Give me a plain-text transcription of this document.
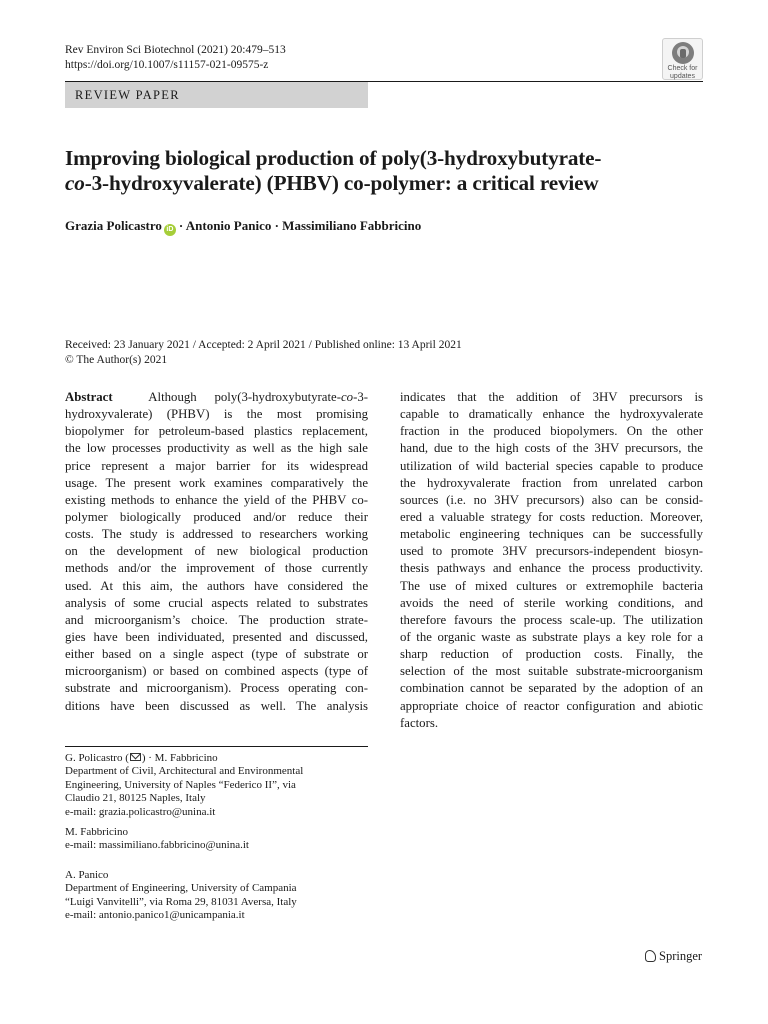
Rev Environ Sci Biotechnol (2021) 20:479–513
https://doi.org/10.1007/s11157-021-09575-z	Check for
updates
REVIEW PAPER
Improving biological production of poly(3-hydroxybutyrate-
co-3-hydroxyvalerate) (PHBV) co-polymer: a critical review
Grazia Policastro iD · Antonio Panico · Massimiliano Fabbricino
Received: 23 January 2021 / Accepted: 2 April 2021 / Published online: 13 April 2021
© The Author(s) 2021

Abstract	Although poly(3-hydroxybutyrate-co-3-
hydroxyvalerate) (PHBV) is the most promising
biopolymer for petroleum-based plastics replacement,
the low processes productivity as well as the high sale
price represent a major barrier for its widespread
usage. The present work examines comparatively the
existing methods to enhance the yield of the PHBV co-
polymer biologically produced and/or reduce their
costs. The study is addressed to researchers working
on the development of new biological production
methods and/or the improvement of those currently
used. At this aim, the authors have considered the
analysis of some crucial aspects related to substrates
and microorganism’s choice. The production strate-
gies have been individuated, presented and discussed,
either based on a single aspect (type of substrate or
microorganism) or based on combined aspects (type of
substrate and microorganism). Process operating con-
ditions have been discussed as well. The analysis

indicates that the addition of 3HV precursors is
capable to dramatically enhance the hydroxyvalerate
fraction in the produced biopolymers. On the other
hand, due to the high costs of the 3HV precursors, the
utilization of wild bacterial species capable to produce
the hydroxyvalerate fraction from unrelated carbon
sources (i.e. no 3HV precursors) also can be consid-
ered a valuable strategy for costs reduction. Moreover,
metabolic engineering techniques can be successfully
used to promote 3HV precursors-independent biosyn-
thesis pathways and enhance the process productivity.
The use of mixed cultures or extremophile bacteria
avoids the need of sterile working conditions, and
therefore favours the process scale-up. The utilization
of the organic waste as substrate plays a key role for a
sharp reduction of production costs. Finally, the
selection of the most suitable substrate-microorganism
combination cannot be separated by the adoption of an
appropriate choice of reactor configuration and abiotic
factors.

G. Policastro ( ) · M. Fabbricino
Department of Civil, Architectural and Environmental
Engineering, University of Naples “Federico II”, via
Claudio 21, 80125 Naples, Italy
e-mail: grazia.policastro@unina.it
M. Fabbricino
e-mail: massimiliano.fabbricino@unina.it
A. Panico
Department of Engineering, University of Campania
“Luigi Vanvitelli”, via Roma 29, 81031 Aversa, Italy
e-mail: antonio.panico1@unicampania.it
Springer
